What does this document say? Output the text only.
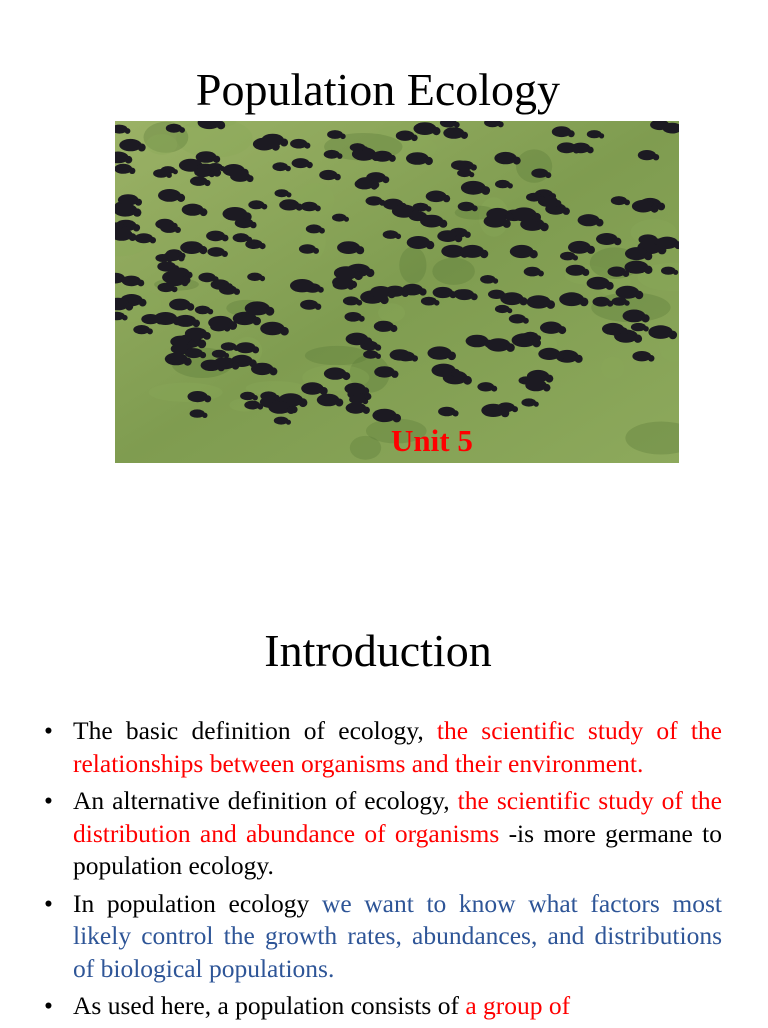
Population Ecology
Unit 5
Introduction
• The basic definition of ecology, the scientific study of the relationships between organisms and their environment.
• An alternative definition of ecology, the scientific study of the distribution and abundance of organisms -is more germane to population ecology.
• In population ecology we want to know what factors most likely control the growth rates, abundances, and distributions of biological populations.
• As used here, a population consists of a group of
